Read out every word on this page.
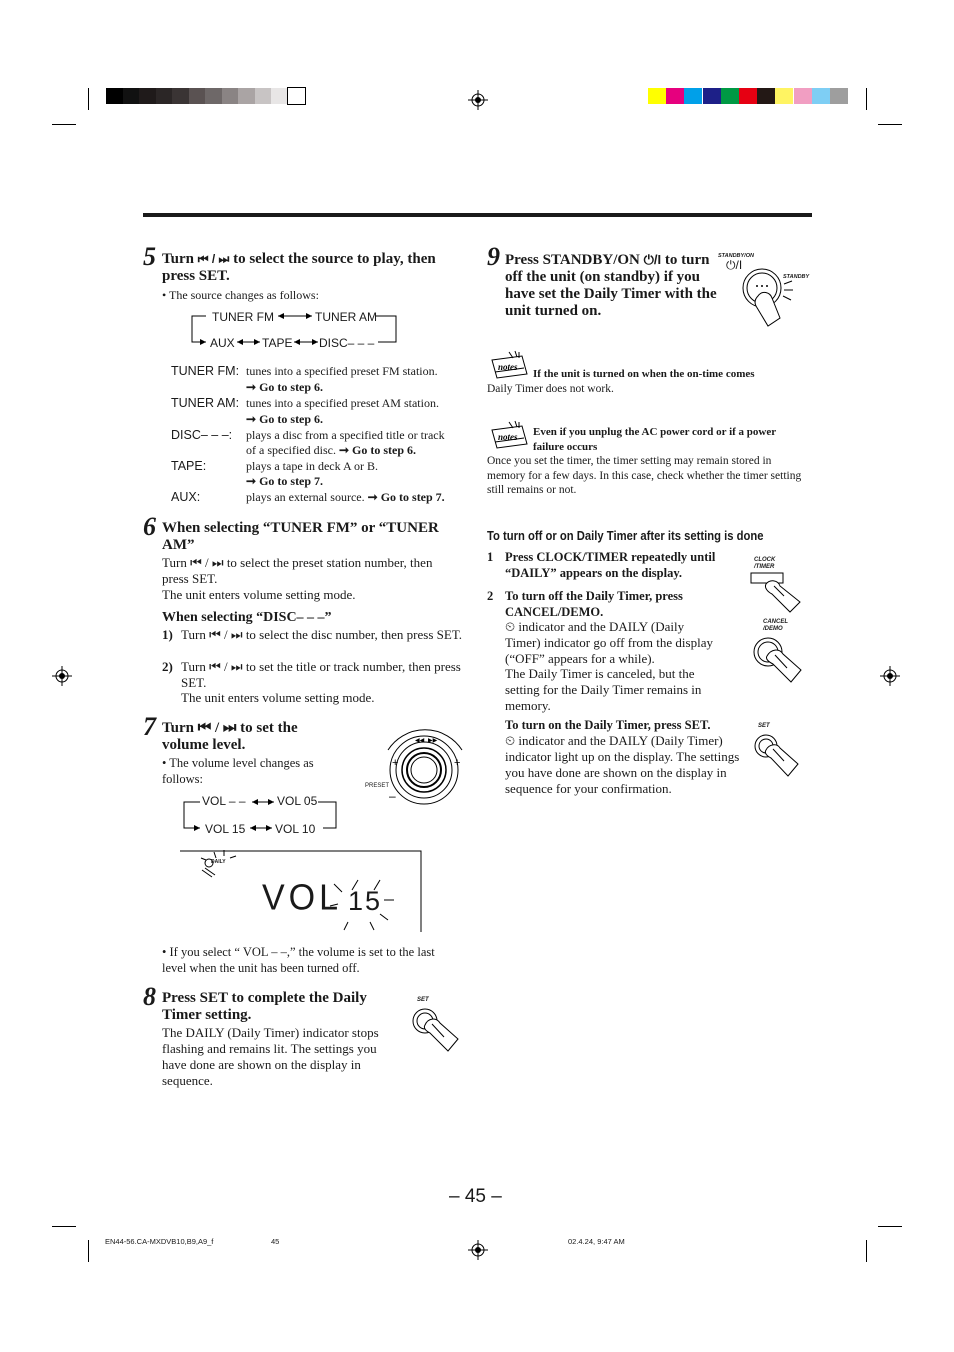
5 Turn ⏮ / ⏭ to select the source to play, then press SET.
• The source changes as follows:
TUNER FM	TUNER AM
AUX TAPE DISC– – –
TUNER FM: tunes into a specified preset FM station.
➞ Go to step 6.
TUNER AM: tunes into a specified preset AM station.
➞ Go to step 6.
DISC– – –: plays a disc from a specified title or track
of a specified disc. ➞ Go to step 6.
TAPE:	plays a tape in deck A or B.
➞ Go to step 7.
AUX:	plays an external source. ➞ Go to step 7.
6 When selecting “TUNER FM” or “TUNER AM”
Turn ⏮ / ⏭ to select the preset station number, then press SET.
The unit enters volume setting mode.
When selecting “DISC– – –”
1) Turn ⏮ / ⏭ to select the disc number, then press SET.
2) Turn ⏮ / ⏭ to set the title or track number, then press SET.
The unit enters volume setting mode.
7 Turn ⏮ / ⏭ to set the volume level.
• The volume level changes as follows:
◀◀ ▶▶
+	+
–
PRESET
VOL – –	VOL 05
VOL 15 VOL 10
DAILY
VOL 15
• If you select “ VOL – –,” the volume is set to the last level when the unit has been turned off.
8 Press SET to complete the Daily Timer setting.
The DAILY (Daily Timer) indicator stops flashing and remains lit. The settings you have done are shown on the display in sequence.
SET
9 Press STANDBY/ON ⏻/I to turn off the unit (on standby) if you have set the Daily Timer with the unit turned on.
STANDBY/ON
⏻/I
STANDBY
notes
If the unit is turned on when the on-time comes
Daily Timer does not work.
notes Even if you unplug the AC power cord or if a power failure occurs
Once you set the timer, the timer setting may remain stored in memory for a few days. In this case, check whether the timer setting still remains or not.
To turn off or on Daily Timer after its setting is done
1 Press CLOCK/TIMER repeatedly until “DAILY” appears on the display.
2 To turn off the Daily Timer, press CANCEL/DEMO.
⏲ indicator and the DAILY (Daily Timer) indicator go off from the display (“OFF” appears for a while).
The Daily Timer is canceled, but the setting for the Daily Timer remains in memory.
To turn on the Daily Timer, press SET.
⏲ indicator and the DAILY (Daily Timer) indicator light up on the display. The settings you have done are shown on the display in sequence for your confirmation.
CLOCK
/TIMER
CANCEL
/DEMO
SET
– 45 –
EN44-56.CA-MXDVB10,B9,A9_f	45	02.4.24, 9:47 AM
